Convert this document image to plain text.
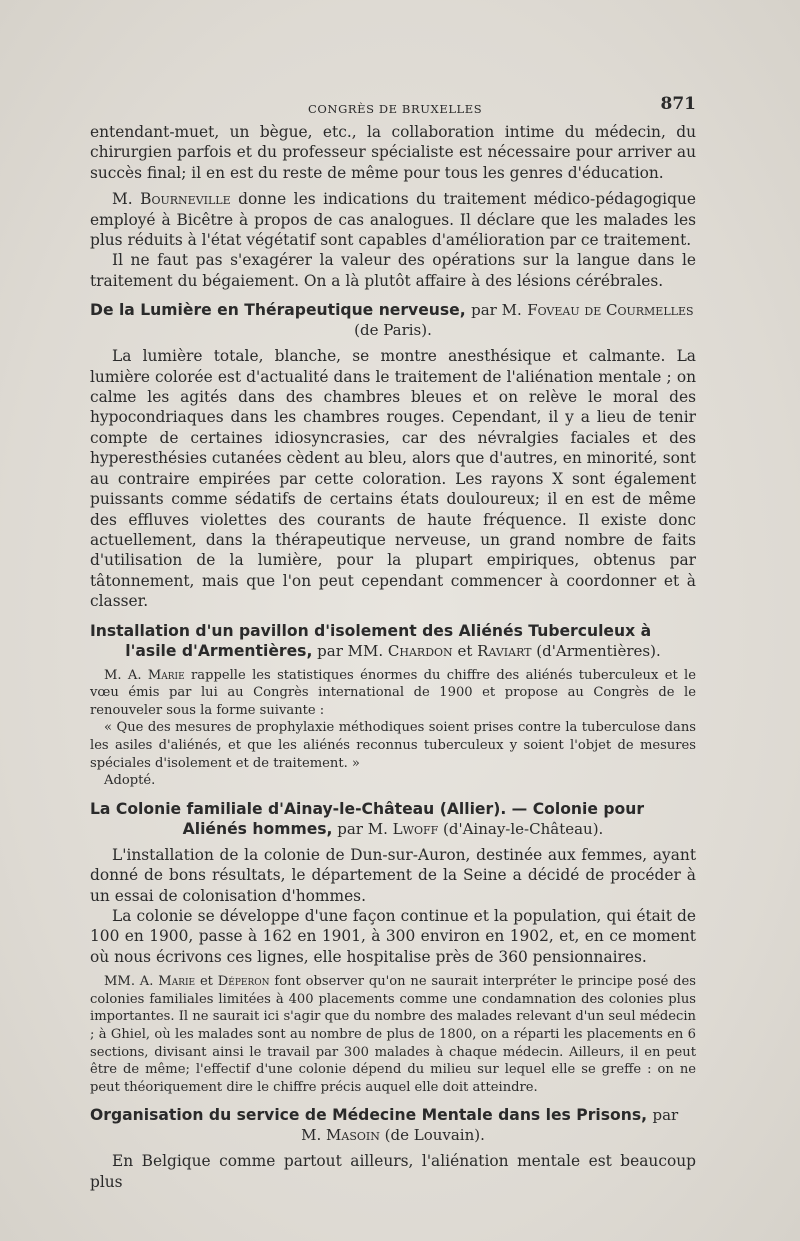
CONGRÈS DE BRUXELLES	871

entendant-muet, un bègue, etc., la collaboration intime du médecin, du chirurgien parfois et du professeur spécialiste est nécessaire pour arriver au succès final; il en est du reste de même pour tous les genres d'éducation.

M. Bourneville donne les indications du traitement médico-pédagogique employé à Bicêtre à propos de cas analogues. Il déclare que les malades les plus réduits à l'état végétatif sont capables d'amélioration par ce traitement.

Il ne faut pas s'exagérer la valeur des opérations sur la langue dans le traitement du bégaiement. On a là plutôt affaire à des lésions cérébrales.

De la Lumière en Thérapeutique nerveuse, par M. Foveau de Courmelles

(de Paris).

La lumière totale, blanche, se montre anesthésique et calmante. La lumière colorée est d'actualité dans le traitement de l'aliénation mentale ; on calme les agités dans des chambres bleues et on relève le moral des hypocondriaques dans les chambres rouges. Cependant, il y a lieu de tenir compte de certaines idiosyncrasies, car des névralgies faciales et des hyperesthésies cutanées cèdent au bleu, alors que d'autres, en minorité, sont au contraire empirées par cette coloration. Les rayons X sont également puissants comme sédatifs de certains états douloureux; il en est de même des effluves violettes des courants de haute fréquence. Il existe donc actuellement, dans la thérapeutique nerveuse, un grand nombre de faits d'utilisation de la lumière, pour la plupart empiriques, obtenus par tâtonnement, mais que l'on peut cependant commencer à coordonner et à classer.

Installation d'un pavillon d'isolement des Aliénés Tuberculeux à

l'asile d'Armentières, par MM. Chardon et Raviart (d'Armentières).

M. A. Marie rappelle les statistiques énormes du chiffre des aliénés tuberculeux et le vœu émis par lui au Congrès international de 1900 et propose au Congrès de le renouveler sous la forme suivante :

« Que des mesures de prophylaxie méthodiques soient prises contre la tuberculose dans les asiles d'aliénés, et que les aliénés reconnus tuberculeux y soient l'objet de mesures spéciales d'isolement et de traitement. »

Adopté.

La Colonie familiale d'Ainay-le-Château (Allier). — Colonie pour

Aliénés hommes, par M. Lwoff (d'Ainay-le-Château).

L'installation de la colonie de Dun-sur-Auron, destinée aux femmes, ayant donné de bons résultats, le département de la Seine a décidé de procéder à un essai de colonisation d'hommes.

La colonie se développe d'une façon continue et la population, qui était de 100 en 1900, passe à 162 en 1901, à 300 environ en 1902, et, en ce moment où nous écrivons ces lignes, elle hospitalise près de 360 pensionnaires.

MM. A. Marie et Déperon font observer qu'on ne saurait interpréter le principe posé des colonies familiales limitées à 400 placements comme une condamnation des colonies plus importantes. Il ne saurait ici s'agir que du nombre des malades relevant d'un seul médecin ; à Ghiel, où les malades sont au nombre de plus de 1800, on a réparti les placements en 6 sections, divisant ainsi le travail par 300 malades à chaque médecin. Ailleurs, il en peut être de même; l'effectif d'une colonie dépend du milieu sur lequel elle se greffe : on ne peut théoriquement dire le chiffre précis auquel elle doit atteindre.

Organisation du service de Médecine Mentale dans les Prisons, par

M. Masoin (de Louvain).

En Belgique comme partout ailleurs, l'aliénation mentale est beaucoup plus
